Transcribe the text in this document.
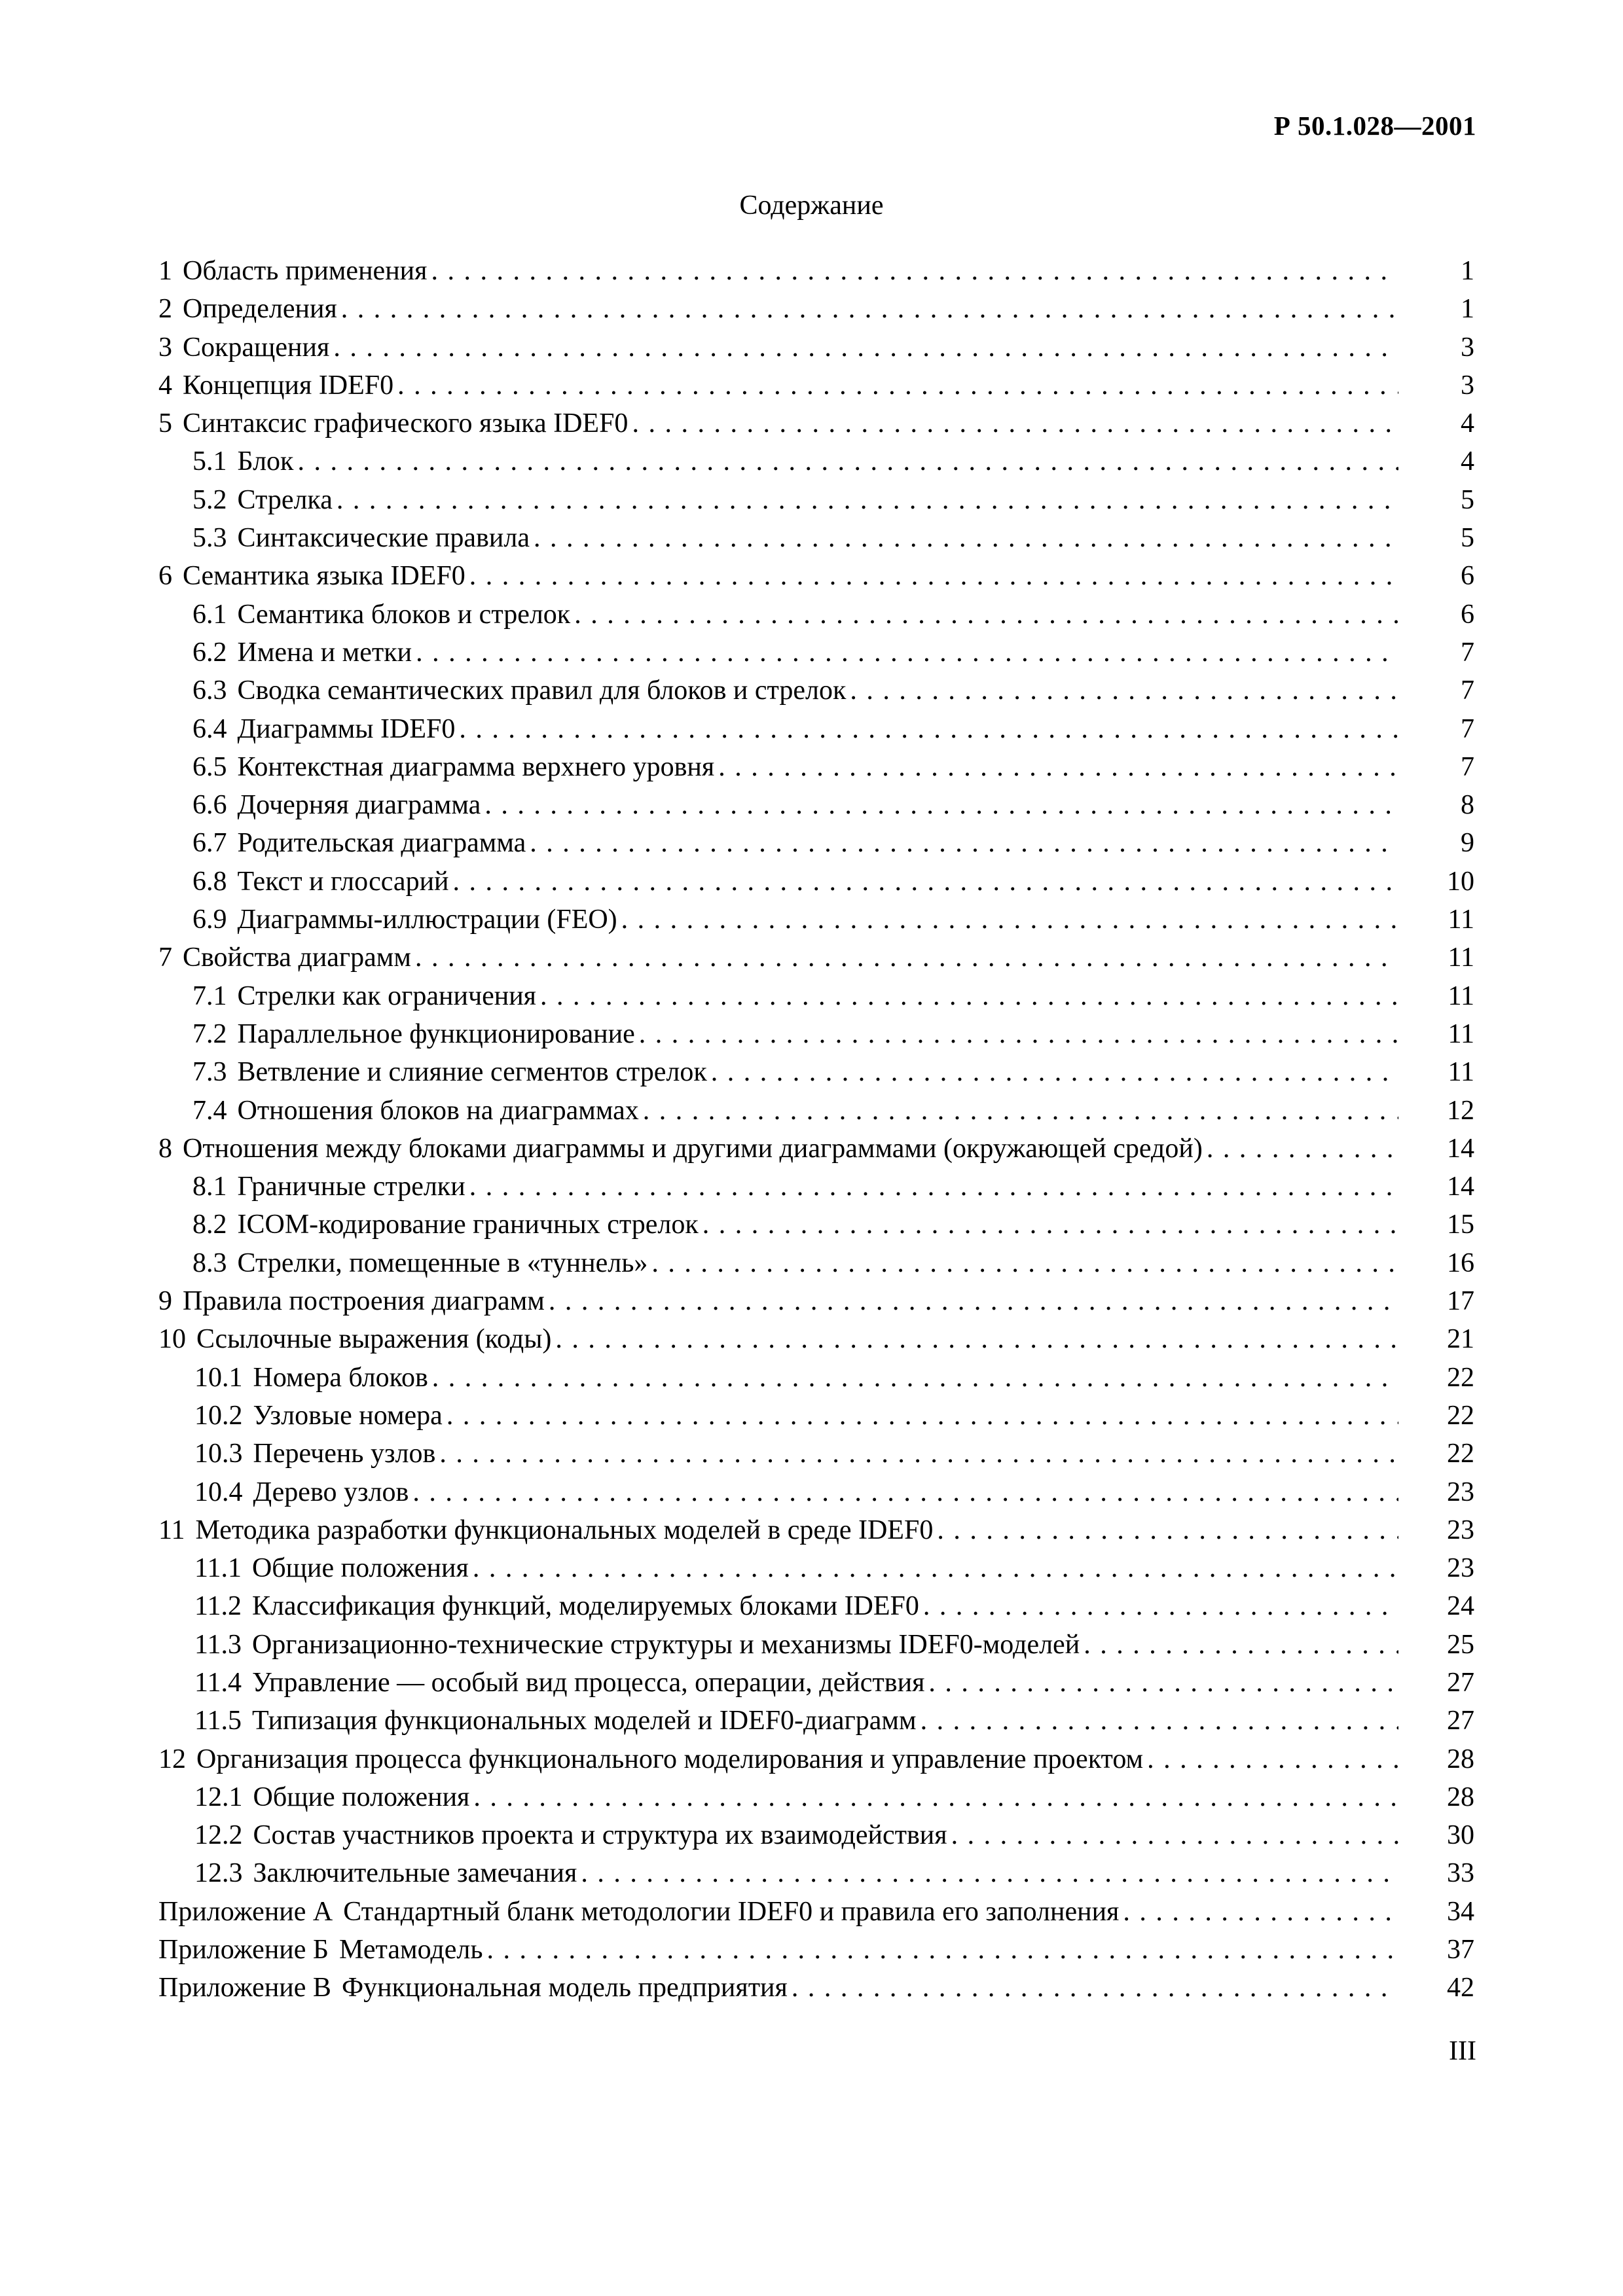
Р 50.1.028—2001
Содержание
1 Область применения . . .	1
2 Определения . . .	1
3 Сокращения . . .	3
4 Концепция IDEF0 . . .	3
5 Синтаксис графического языка IDEF0 . . .	4
5.1 Блок . . .	4
5.2 Стрелка . . .	5
5.3 Синтаксические правила . . .	5
6 Семантика языка IDEF0 . . .	6
6.1 Семантика блоков и стрелок . . .	6
6.2 Имена и метки . . .	7
6.3 Сводка семантических правил для блоков и стрелок . . .	7
6.4 Диаграммы IDEF0 . . .	7
6.5 Контекстная диаграмма верхнего уровня . . .	7
6.6 Дочерняя диаграмма . . .	8
6.7 Родительская диаграмма . . .	9
6.8 Текст и глоссарий . . .	10
6.9 Диаграммы-иллюстрации (FEO) . . .	11
7 Свойства диаграмм . . .	11
7.1 Стрелки как ограничения . . .	11
7.2 Параллельное функционирование . . .	11
7.3 Ветвление и слияние сегментов стрелок . . .	11
7.4 Отношения блоков на диаграммах . . .	12
8 Отношения между блоками диаграммы и другими диаграммами (окружающей средой) . . .	14
8.1 Граничные стрелки . . .	14
8.2 ICOM-кодирование граничных стрелок . . .	15
8.3 Стрелки, помещенные в «туннель» . . .	16
9 Правила построения диаграмм . . .	17
10 Ссылочные выражения (коды) . . .	21
10.1 Номера блоков . . .	22
10.2 Узловые номера . . .	22
10.3 Перечень узлов . . .	22
10.4 Дерево узлов . . .	23
11 Методика разработки функциональных моделей в среде IDEF0 . . .	23
11.1 Общие положения . . .	23
11.2 Классификация функций, моделируемых блоками IDEF0 . . .	24
11.3 Организационно-технические структуры и механизмы IDEF0-моделей . . .	25
11.4 Управление — особый вид процесса, операции, действия . . .	27
11.5 Типизация функциональных моделей и IDEF0-диаграмм . . .	27
12 Организация процесса функционального моделирования и управление проектом . . .	28
12.1 Общие положения . . .	28
12.2 Состав участников проекта и структура их взаимодействия . . .	30
12.3 Заключительные замечания . . .	33
Приложение А Стандартный бланк методологии IDEF0 и правила его заполнения . . .	34
Приложение Б Метамодель . . .	37
Приложение В Функциональная модель предприятия . . .	42
III
